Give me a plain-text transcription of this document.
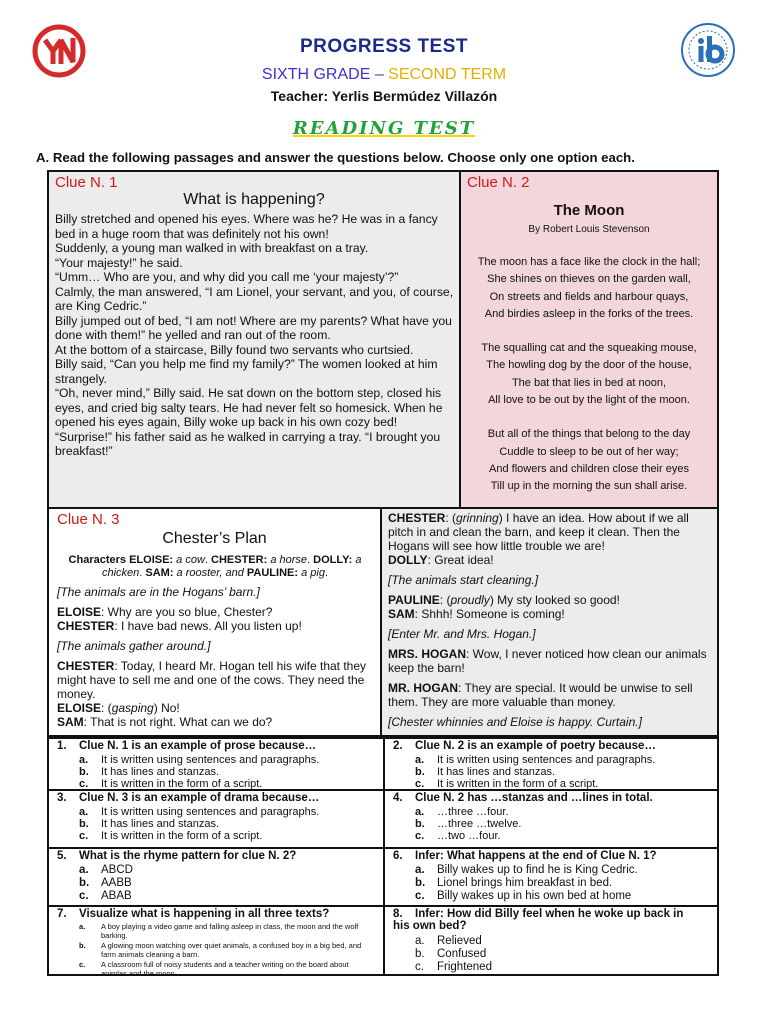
PROGRESS TEST
SIXTH GRADE – SECOND TERM
Teacher: Yerlis Bermúdez Villazón
READING TEST
A. Read the following passages and answer the questions below. Choose only one option each.
Clue N. 1
What is happening?

Billy stretched and opened his eyes. Where was he? He was in a fancy bed in a huge room that was definitely not his own!

Suddenly, a young man walked in with breakfast on a tray.

“Your majesty!” he said.

“Umm… Who are you, and why did you call me ‘your majesty’?”

Calmly, the man answered, “I am Lionel, your servant, and you, of course, are King Cedric.”

Billy jumped out of bed, “I am not! Where are my parents? What have you done with them!” he yelled and ran out of the room.

At the bottom of a staircase, Billy found two servants who curtsied.

Billy said, “Can you help me find my family?” The women looked at him strangely.

“Oh, never mind,” Billy said. He sat down on the bottom step, closed his eyes, and cried big salty tears. He had never felt so homesick. When he opened his eyes again, Billy woke up back in his own cozy bed!

“Surprise!” his father said as he walked in carrying a tray. “I brought you breakfast!”

Clue N. 2
The Moon
By Robert Louis Stevenson
The moon has a face like the clock in the hall;
She shines on thieves on the garden wall,
On streets and fields and harbour quays,
And birdies asleep in the forks of the trees.
The squalling cat and the squeaking mouse,
The howling dog by the door of the house,
The bat that lies in bed at noon,
All love to be out by the light of the moon.
But all of the things that belong to the day
Cuddle to sleep to be out of her way;
And flowers and children close their eyes
Till up in the morning the sun shall arise.
Clue N. 3
Chester’s Plan
Characters ELOISE: a cow. CHESTER: a horse. DOLLY: a chicken. SAM: a rooster, and PAULINE: a pig.

[The animals are in the Hogans’ barn.]

ELOISE: Why are you so blue, Chester?

CHESTER: I have bad news. All you listen up!

[The animals gather around.]

CHESTER: Today, I heard Mr. Hogan tell his wife that they might have to sell me and one of the cows. They need the money.

ELOISE: (gasping) No!

SAM: That is not right. What can we do?

CHESTER: (grinning) I have an idea. How about if we all pitch in and clean the barn, and keep it clean. Then the Hogans will see how little trouble we are!

DOLLY: Great idea!

[The animals start cleaning.]

PAULINE: (proudly) My sty looked so good!

SAM: Shhh! Someone is coming!

[Enter Mr. and Mrs. Hogan.]

MRS. HOGAN: Wow, I never noticed how clean our animals keep the barn!

MR. HOGAN: They are special. It would be unwise to sell them. They are more valuable than money.

[Chester whinnies and Eloise is happy. Curtain.]

1. Clue N. 1 is an example of prose because…
a. It is written using sentences and paragraphs.
b. It has lines and stanzas.
c. It is written in the form of a script.
2. Clue N. 2 is an example of poetry because…
a. It is written using sentences and paragraphs.
b. It has lines and stanzas.
c. It is written in the form of a script.
3. Clue N. 3 is an example of drama because…
a. It is written using sentences and paragraphs.
b. It has lines and stanzas.
c. It is written in the form of a script.
4. Clue N. 2 has …stanzas and …lines in total.
a. …three …four.
b. …three …twelve.
c. …two …four.
5. What is the rhyme pattern for clue N. 2?
a. ABCD
b. AABB
c. ABAB
6. Infer: What happens at the end of Clue N. 1?
a. Billy wakes up to find he is King Cedric.
b. Lionel brings him breakfast in bed.
c. Billy wakes up in his own bed at home
7. Visualize what is happening in all three texts?
a.	A boy playing a video game and falling asleep in class, the moon and the wolf barking.
b.	A glowing moon watching over quiet animals, a confused boy in a big bed, and farm animals cleaning a barn.
c.	A classroom full of noisy students and a teacher writing on the board about animlas and the moon.
8. Infer: How did Billy feel when he woke up back in his own bed?
a. Relieved
b. Confused
c. Frightened
